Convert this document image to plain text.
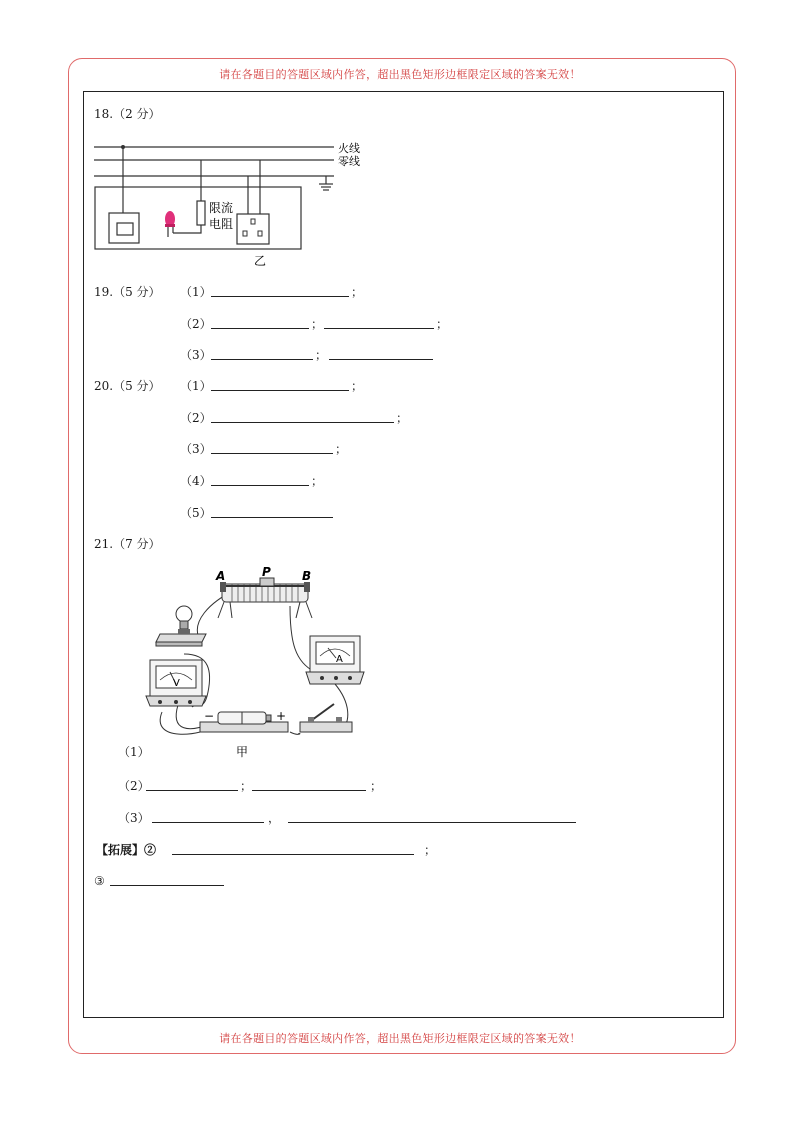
请在各题目的答题区域内作答，超出黑色矩形边框限定区域的答案无效！
请在各题目的答题区域内作答，超出黑色矩形边框限定区域的答案无效！
18.（2 分）
火线
零线
限流
电阻
乙
19.（5 分） （1）	；
（2）	；	；
（3）	；
20.（5 分） （1）	；
（2）	；
（3）	；
（4）	；
（5）
21.（7 分）
A	P	B
V
A
−	+
甲
（1）
（2）	；	；
（3）	，
【拓展】②	；
③
